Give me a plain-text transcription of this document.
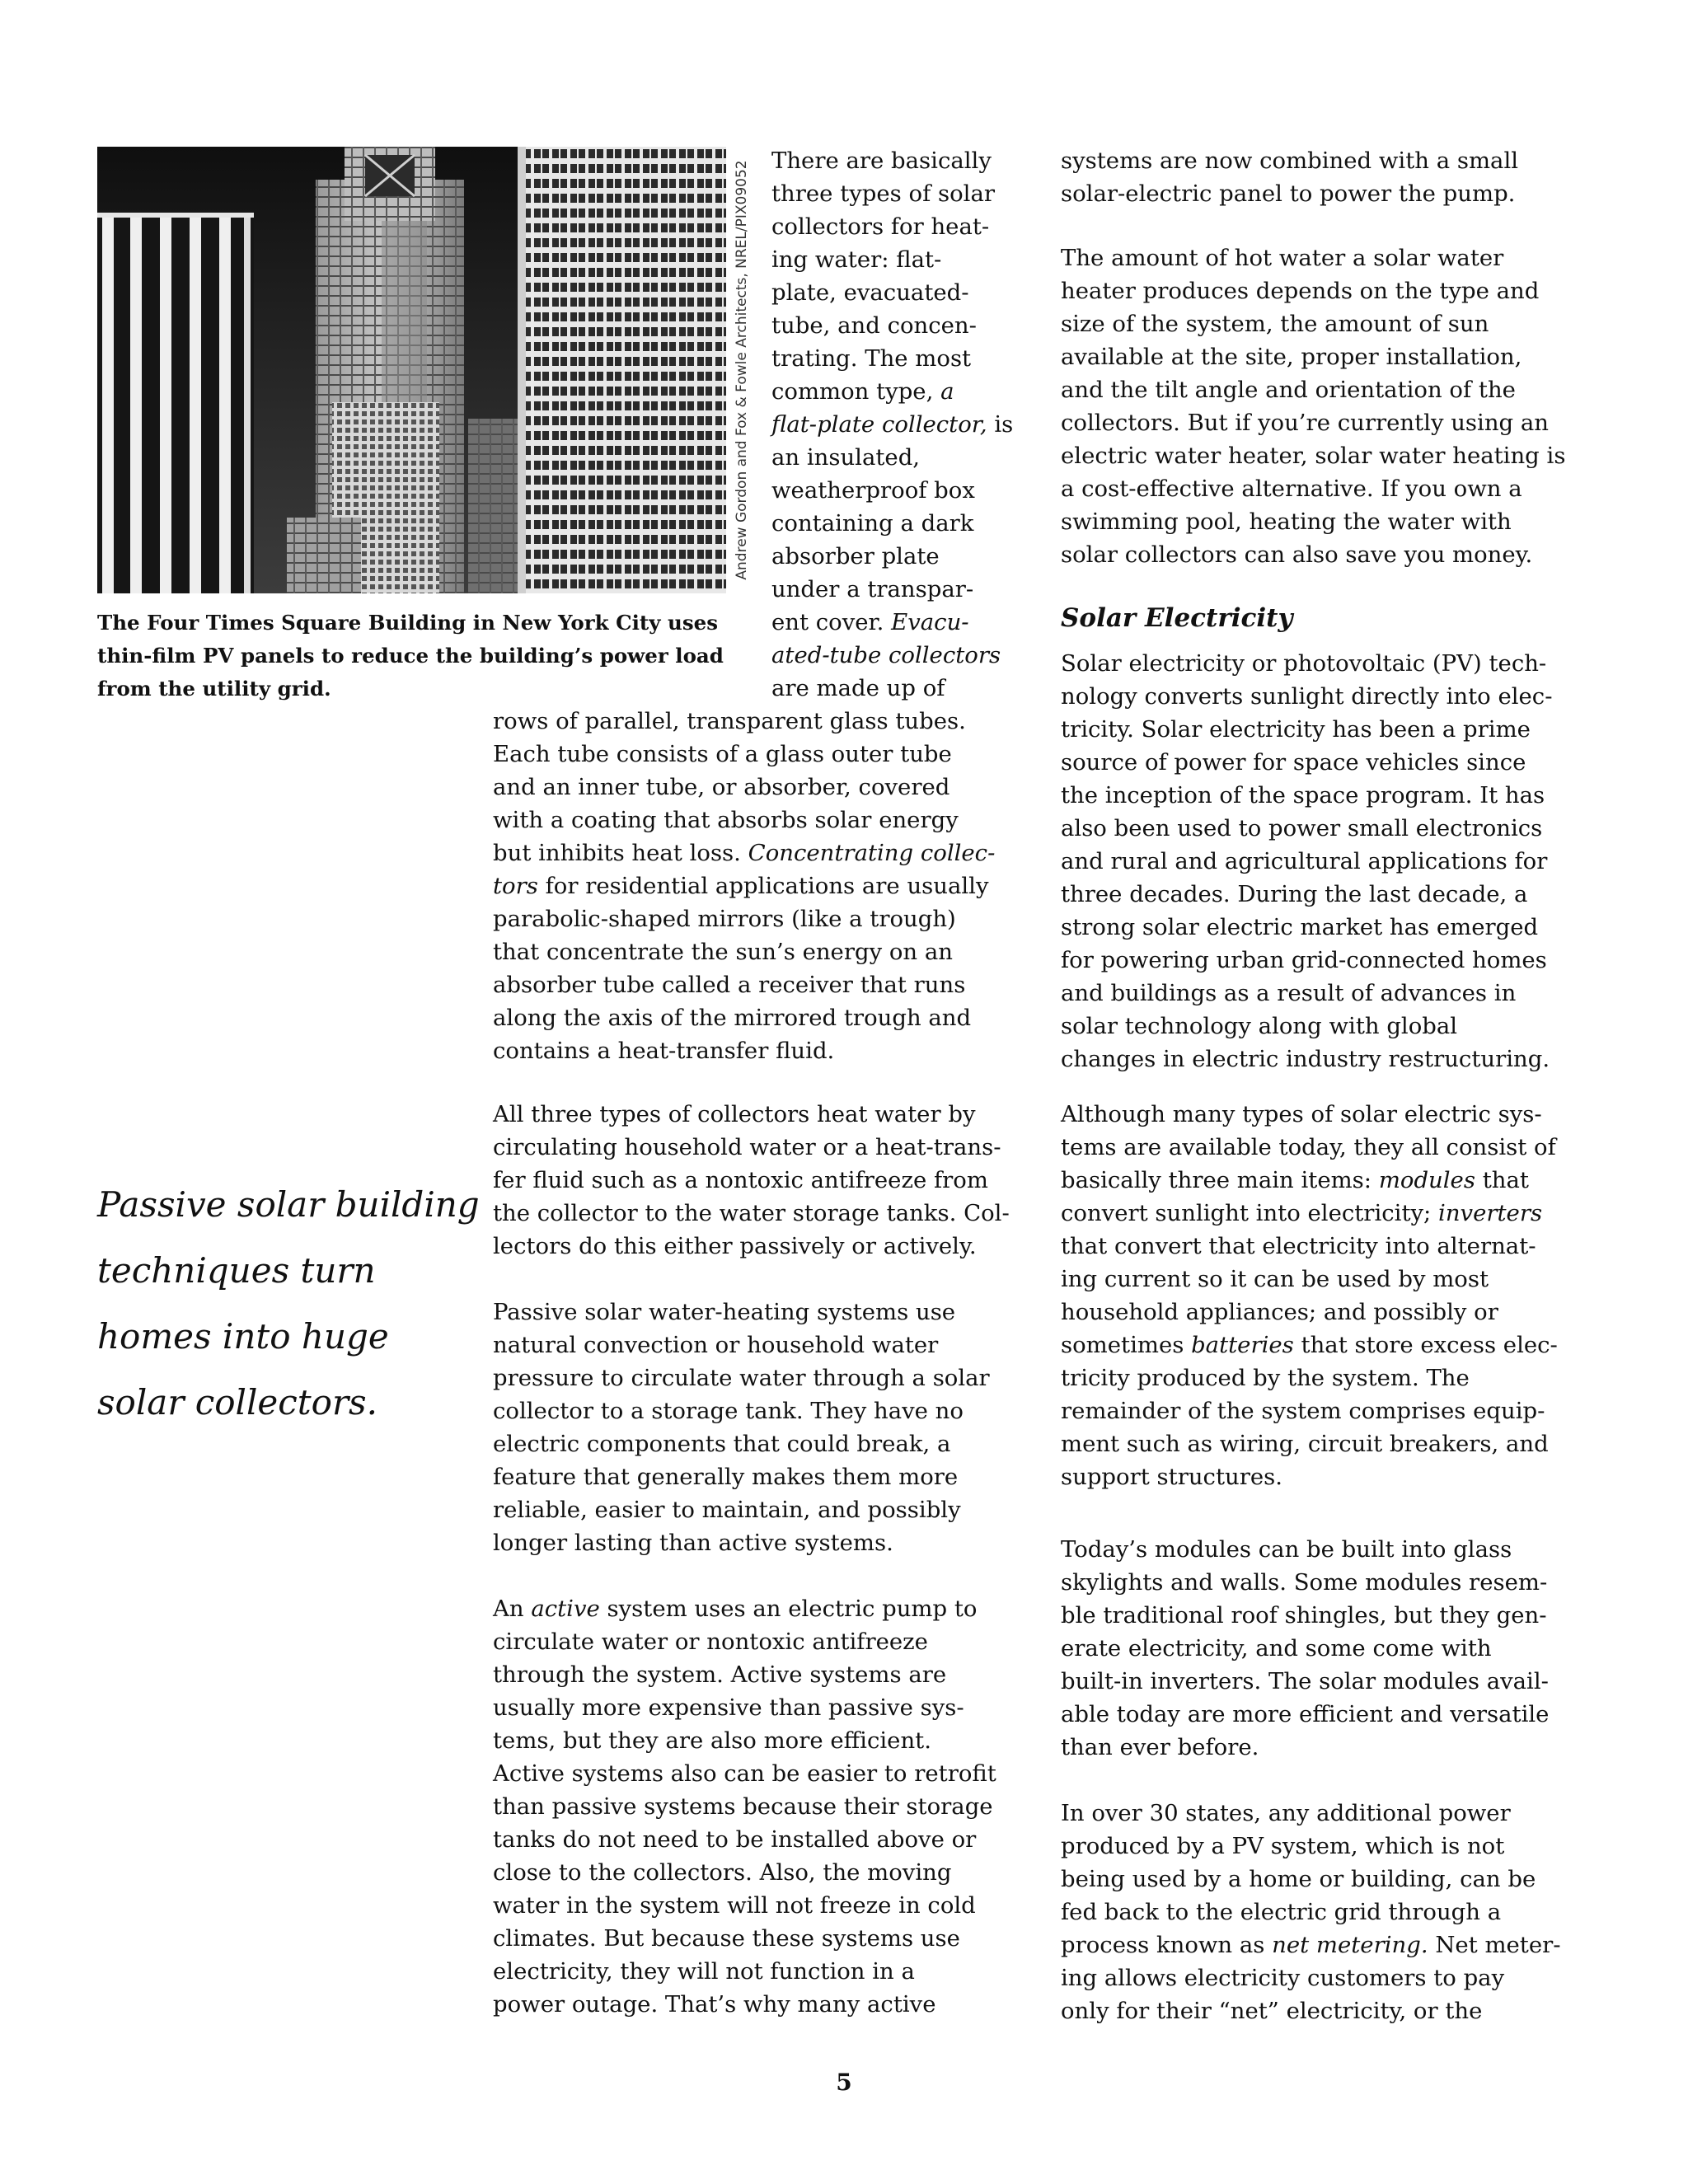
Andrew Gordon and Fox & Fowle Architects, NREL/PIX09052
The Four Times Square Building in New York City uses
thin-film PV panels to reduce the building’s power load
from the utility grid.
Passive solar building
techniques turn
homes into huge
solar collectors.
There are basically
three types of solar
collectors for heat-
ing water: flat-
plate, evacuated-
tube, and concen-
trating. The most
common type, a
flat-plate collector, is
an insulated,
weatherproof box
containing a dark
absorber plate
under a transpar-
ent cover. Evacu-
ated-tube collectors
are made up of
rows of parallel, transparent glass tubes.
Each tube consists of a glass outer tube
and an inner tube, or absorber, covered
with a coating that absorbs solar energy
but inhibits heat loss. Concentrating collec-
tors for residential applications are usually
parabolic-shaped mirrors (like a trough)
that concentrate the sun’s energy on an
absorber tube called a receiver that runs
along the axis of the mirrored trough and
contains a heat-transfer fluid.
All three types of collectors heat water by
circulating household water or a heat-trans-
fer fluid such as a nontoxic antifreeze from
the collector to the water storage tanks. Col-
lectors do this either passively or actively.
Passive solar water-heating systems use
natural convection or household water
pressure to circulate water through a solar
collector to a storage tank. They have no
electric components that could break, a
feature that generally makes them more
reliable, easier to maintain, and possibly
longer lasting than active systems.
An active system uses an electric pump to
circulate water or nontoxic antifreeze
through the system. Active systems are
usually more expensive than passive sys-
tems, but they are also more efficient.
Active systems also can be easier to retrofit
than passive systems because their storage
tanks do not need to be installed above or
close to the collectors. Also, the moving
water in the system will not freeze in cold
climates. But because these systems use
electricity, they will not function in a
power outage. That’s why many active
Solar Electricity
systems are now combined with a small
solar-electric panel to power the pump.
The amount of hot water a solar water
heater produces depends on the type and
size of the system, the amount of sun
available at the site, proper installation,
and the tilt angle and orientation of the
collectors. But if you’re currently using an
electric water heater, solar water heating is
a cost-effective alternative. If you own a
swimming pool, heating the water with
solar collectors can also save you money.
Solar electricity or photovoltaic (PV) tech-
nology converts sunlight directly into elec-
tricity. Solar electricity has been a prime
source of power for space vehicles since
the inception of the space program. It has
also been used to power small electronics
and rural and agricultural applications for
three decades. During the last decade, a
strong solar electric market has emerged
for powering urban grid-connected homes
and buildings as a result of advances in
solar technology along with global
changes in electric industry restructuring.
Although many types of solar electric sys-
tems are available today, they all consist of
basically three main items: modules that
convert sunlight into electricity; inverters
that convert that electricity into alternat-
ing current so it can be used by most
household appliances; and possibly or
sometimes batteries that store excess elec-
tricity produced by the system. The
remainder of the system comprises equip-
ment such as wiring, circuit breakers, and
support structures.
Today’s modules can be built into glass
skylights and walls. Some modules resem-
ble traditional roof shingles, but they gen-
erate electricity, and some come with
built-in inverters. The solar modules avail-
able today are more efficient and versatile
than ever before.
In over 30 states, any additional power
produced by a PV system, which is not
being used by a home or building, can be
fed back to the electric grid through a
process known as net metering. Net meter-
ing allows electricity customers to pay
only for their “net” electricity, or the
5
